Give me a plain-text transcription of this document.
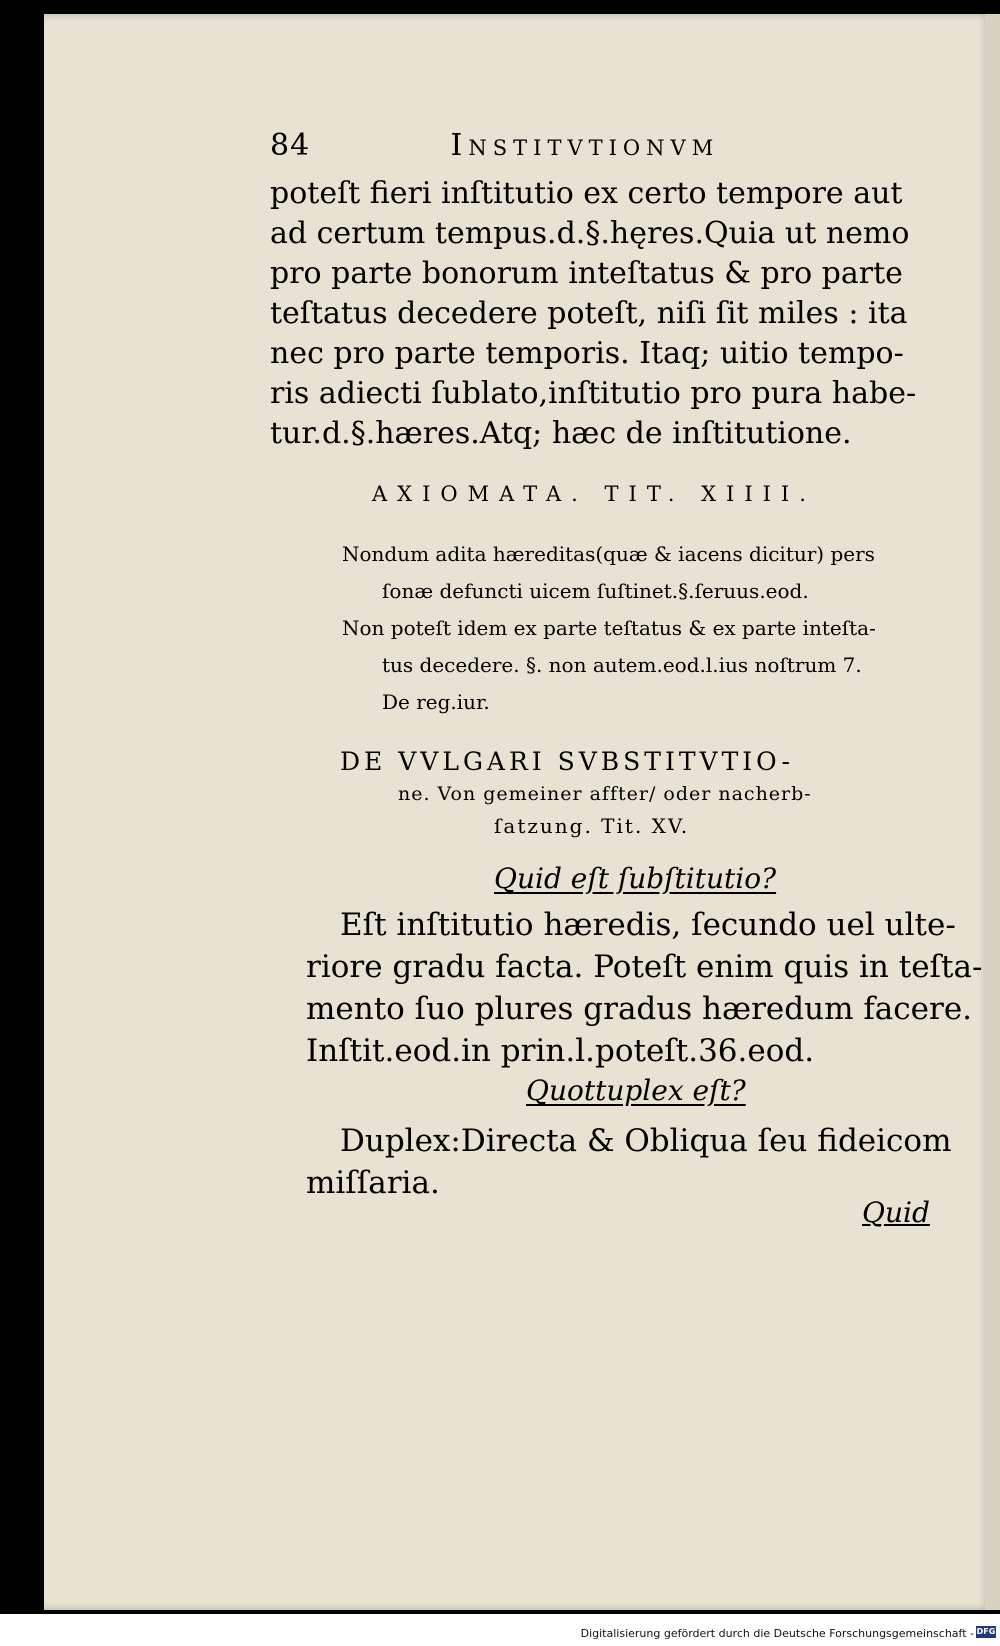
84	Institvtionvm
poteſt fieri inſtitutio ex certo tempore aut
ad certum tempus.d.§.hęres.Quia ut nemo
pro parte bonorum inteſtatus & pro parte
teſtatus decedere poteſt, niſi ſit miles : ita
nec pro parte temporis. Itaq; uitio tempo-
ris adiecti ſublato,inſtitutio pro pura habe-
tur.d.§.hæres.Atq; hæc de inſtitutione.
AXIOMATA. TIT. XIIII.
Nondum adita hæreditas(quæ & iacens dicitur) pers
ſonæ defuncti uicem ſuſtinet.§.ſeruus.eod.
Non poteſt idem ex parte teſtatus & ex parte inteſta-
tus decedere. §. non autem.eod.l.ius noſtrum 7.
De reg.iur.
DE VVLGARI SVBSTITVTIO-
ne. Von gemeiner affter/ oder nacherb-
ſatzung. Tit. XV.
Quid eſt ſubſtitutio?
Eſt inſtitutio hæredis, ſecundo uel ulte-
riore gradu facta. Poteſt enim quis in teſta-
mento ſuo plures gradus hæredum facere.
Inſtit.eod.in prin.l.poteſt.36.eod.
Quottuplex eſt?
Duplex:Directa & Obliqua ſeu fideicom
miſſaria.
Quid
Digitalisierung gefördert durch die Deutsche Forschungsgemeinschaft - DFG
